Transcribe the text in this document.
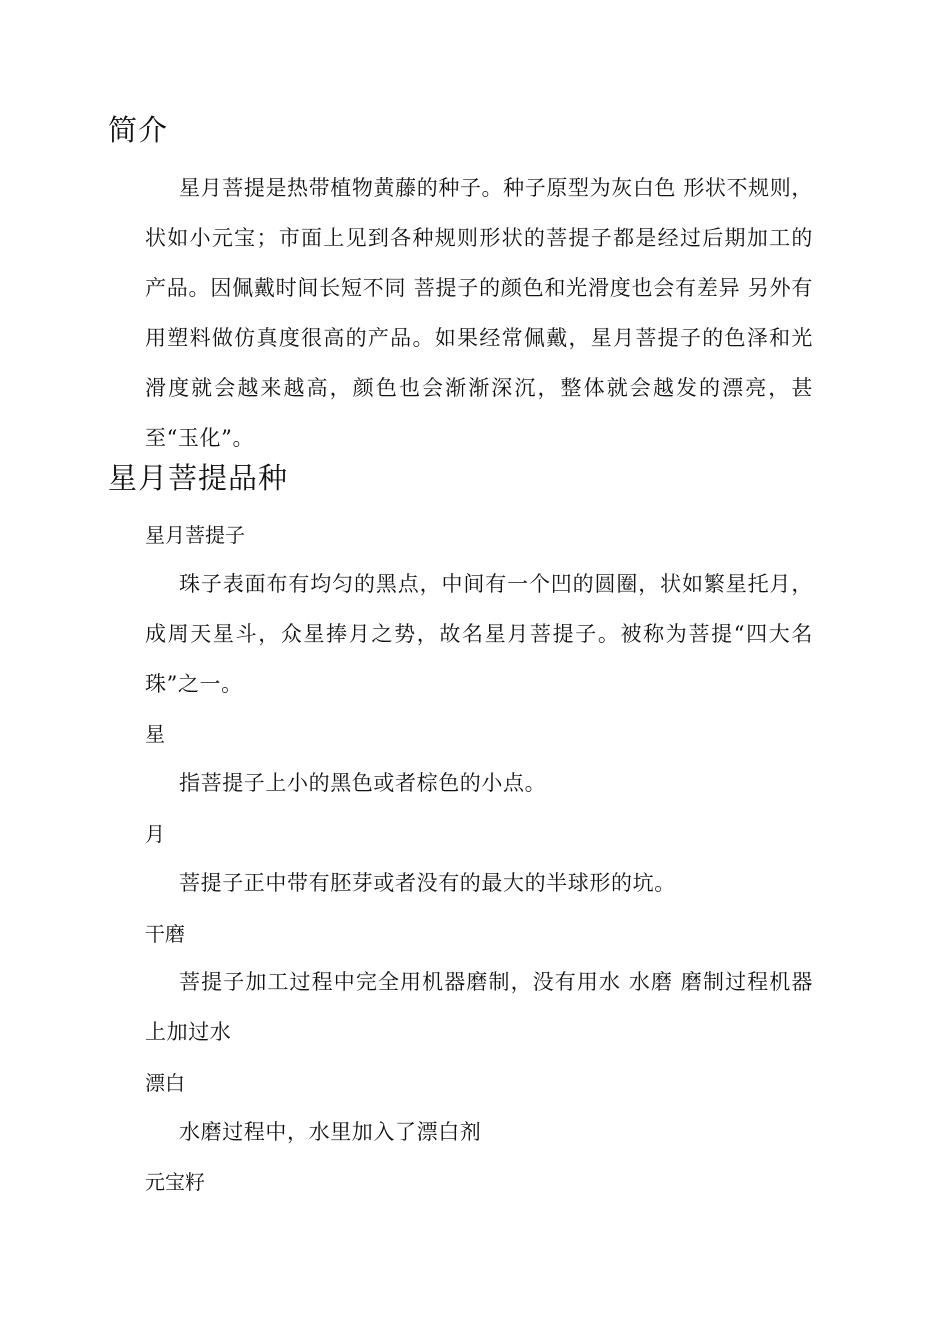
简介
星月菩提是热带植物黄藤的种子。种子原型为灰白色 形状不规则，状如小元宝；市面上见到各种规则形状的菩提子都是经过后期加工的产品。因佩戴时间长短不同 菩提子的颜色和光滑度也会有差异 另外有用塑料做仿真度很高的产品。如果经常佩戴，星月菩提子的色泽和光滑度就会越来越高，颜色也会渐渐深沉，整体就会越发的漂亮，甚至“玉化”。
星月菩提品种
星月菩提子
珠子表面布有均匀的黑点，中间有一个凹的圆圈，状如繁星托月，成周天星斗，众星捧月之势，故名星月菩提子。被称为菩提“四大名珠”之一。
星
指菩提子上小的黑色或者棕色的小点。
月
菩提子正中带有胚芽或者没有的最大的半球形的坑。
干磨
菩提子加工过程中完全用机器磨制，没有用水 水磨 磨制过程机器上加过水
漂白
水磨过程中，水里加入了漂白剂
元宝籽
